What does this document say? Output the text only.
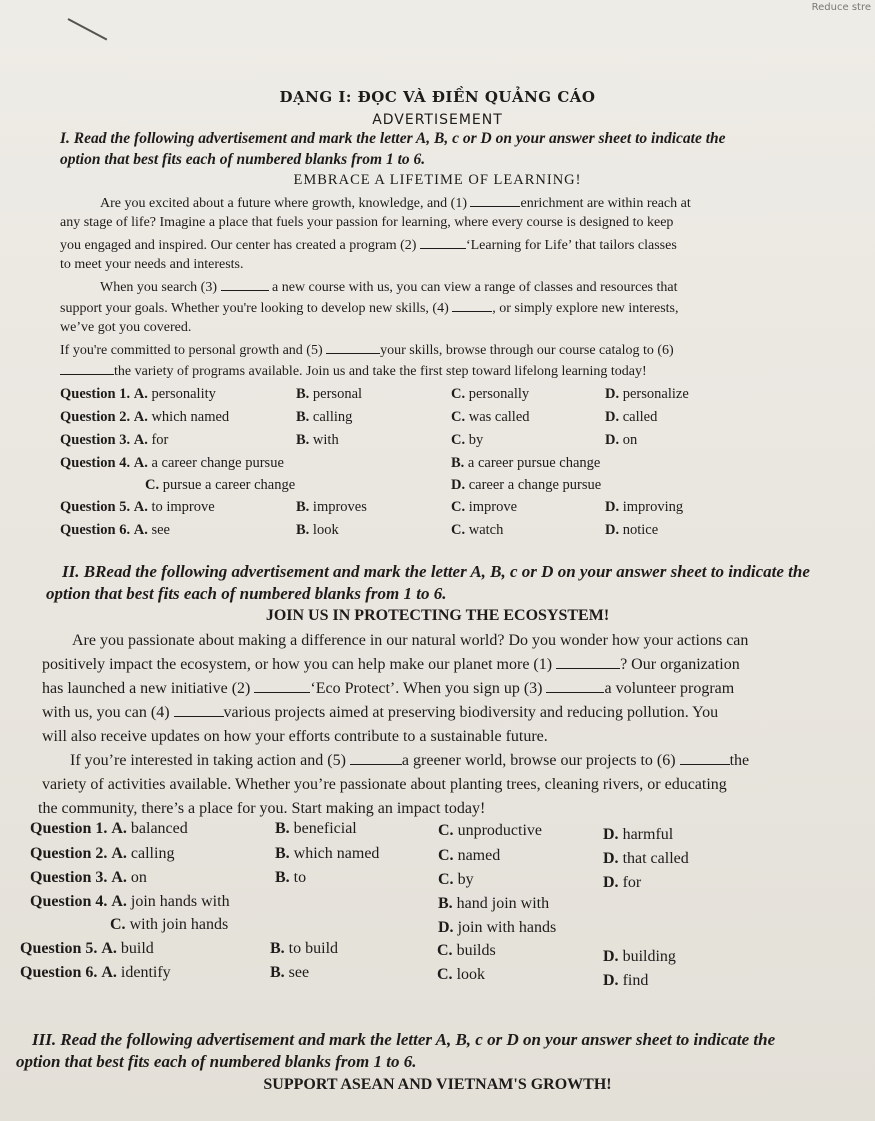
Reduce stre
DẠNG I: ĐỌC VÀ ĐIỀN QUẢNG CÁO
ADVERTISEMENT
I. Read the following advertisement and mark the letter A, B, c or D on your answer sheet to indicate the
option that best fits each of numbered blanks from 1 to 6.
EMBRACE A LIFETIME OF LEARNING!
Are you excited about a future where growth, knowledge, and (1)	enrichment are within reach at
any stage of life? Imagine a place that fuels your passion for learning, where every course is designed to keep
you engaged and inspired. Our center has created a program (2)	‘Learning for Life’ that tailors classes
to meet your needs and interests.
When you search (3)	a new course with us, you can view a range of classes and resources that
support your goals. Whether you're looking to develop new skills, (4)	, or simply explore new interests,
we’ve got you covered.
If you're committed to personal growth and (5)	your skills, browse through our course catalog to (6)
the variety of programs available. Join us and take the first step toward lifelong learning today!
Question 1. A. personality	B. personal	C. personally	D. personalize
Question 2. A. which named	B. calling	C. was called	D. called
Question 3. A. for	B. with	C. by	D. on
Question 4. A. a career change pursue	B. a career pursue change
C. pursue a career change	D. career a change pursue
Question 5. A. to improve	B. improves	C. improve	D. improving
Question 6. A. see	B. look	C. watch	D. notice
II. BRead the following advertisement and mark the letter A, B, c or D on your answer sheet to indicate the
option that best fits each of numbered blanks from 1 to 6.
JOIN US IN PROTECTING THE ECOSYSTEM!
Are you passionate about making a difference in our natural world? Do you wonder how your actions can
positively impact the ecosystem, or how you can help make our planet more (1)	? Our organization
has launched a new initiative (2)	‘Eco Protect’. When you sign up (3)	a volunteer program
with us, you can (4)	various projects aimed at preserving biodiversity and reducing pollution. You
will also receive updates on how your efforts contribute to a sustainable future.
If you’re interested in taking action and (5)	a greener world, browse our projects to (6)	the
variety of activities available. Whether you’re passionate about planting trees, cleaning rivers, or educating
the community, there’s a place for you. Start making an impact today!
Question 1. A. balanced	B. beneficial	C. unproductive	D. harmful
Question 2. A. calling	B. which named	C. named	D. that called
Question 3. A. on	B. to	C. by	D. for
Question 4. A. join hands with	B. hand join with
C. with join hands	D. join with hands
Question 5. A. build	B. to build	C. builds	D. building
Question 6. A. identify	B. see	C. look	D. find
III. Read the following advertisement and mark the letter A, B, c or D on your answer sheet to indicate the
option that best fits each of numbered blanks from 1 to 6.
SUPPORT ASEAN AND VIETNAM'S GROWTH!
